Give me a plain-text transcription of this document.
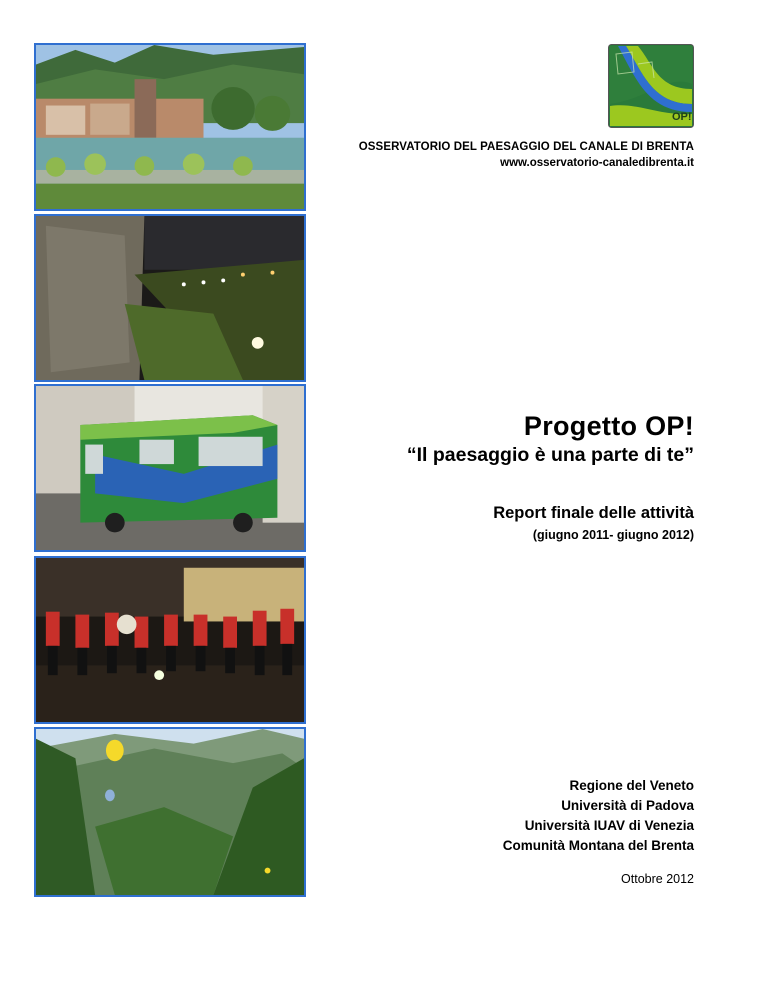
OP!
OSSERVATORIO DEL PAESAGGIO DEL CANALE DI BRENTA
www.osservatorio-canaledibrenta.it
Progetto OP!
“Il paesaggio è una parte di te”
Report finale delle attività
(giugno 2011- giugno 2012)
Regione del Veneto
Università di Padova
Università IUAV di Venezia
Comunità Montana del Brenta
Ottobre 2012
